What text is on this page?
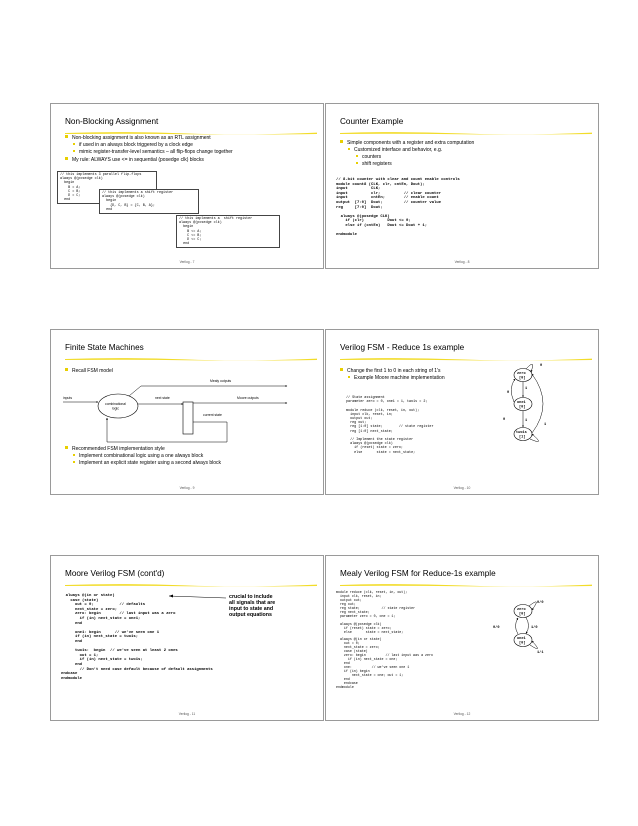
Non-Blocking Assignment
Non-blocking assignment is also known as an RTL assignment
if used in an always block triggered by a clock edge
mimic register-transfer-level semantics – all flip-flops change together
My rule: ALWAYS use <= in sequential (posedge clk) blocks
// this implements 3 parallel flip-flops
always @(posedge clk)
begin
B = A;
C = B;
D = C;
end
// this implements a shift register
always @(posedge clk)
begin
{D, C, B} = {C, B, A};
end
// this implements a  shift register
always @(posedge clk)
begin
B <= A;
C <= B;
D <= C;
end
Verilog - 7
Counter Example
Simple components with a register and extra computation
Customized interface and behavior, e.g.
counters
shift registers
// 8-bit counter with clear and count enable controls
module count8 (CLK, clr, cntEn, Dout);
input          CLK;
input          clr;          // clear counter
input          cntEn;        // enable count
output  [7:0]  Dout;         // counter value
reg     [7:0]  Dout;

always @(posedge CLK)
if (clr)          Dout <= 0;
else if (cntEn)   Dout <= Dout + 1;

endmodule
Verilog - 8
Finite State Machines
Recall FSM model
Mealy outputs
Moore outputs
next state
inputs
combinational
logic
current state
Recommended FSM implementation style
Implement combinational logic using a one always block
Implement an explicit state register using a second always block
Verilog - 9
Verilog FSM - Reduce 1s example
Change the first 1 to 0 in each string of 1's
Example Moore machine implementation
// State assignment
parameter zero = 0, one1 = 1, two1s = 2;

module reduce (clk, reset, in, out);
input clk, reset, in;
output out;
reg out;
reg [1:0] state;        // state register
reg [1:0] next_state;

// Implement the state register
always @(posedge clk)
if (reset) state = zero;
else       state = next_state;
zero
[0]
one1
[0]
two1s
[1]
1
0
0
1
0
1
Verilog - 10
Moore Verilog FSM (cont'd)
always @(in or state)
case (state)
out = 0;           // defaults
next_state = zero;
zero: begin        // last input was a zero
if (in) next_state = one1;
end

one1: begin      // we've seen one 1
if (in) next_state = two1s;
end

two1s:  begin  // we've seen at least 2 ones
out = 1;
if (in) next_state = two1s;
end
// Don't need case default because of default assignments
endcase
endmodule
crucial to include
all signals that are
input to state and
output equations
Verilog - 11
Mealy Verilog FSM for Reduce-1s example
module reduce (clk, reset, in, out);
input clk, reset, in;
output out;
reg out;
reg state;           // state register
reg next_state;
parameter zero = 0, one = 1;

always @(posedge clk)
if (reset) state = zero;
else       state = next_state;

always @(in or state)
out = 0;
next_state = zero;
case (state)
zero: begin          // last input was a zero
if (in) next_state = one;
end
one:          // we've seen one 1
if (in) begin
next_state = one; out = 1;
end
endcase
endmodule
zero
[0]
one1
[0]
0/0
0/0	1/0
1/1
Verilog - 12
